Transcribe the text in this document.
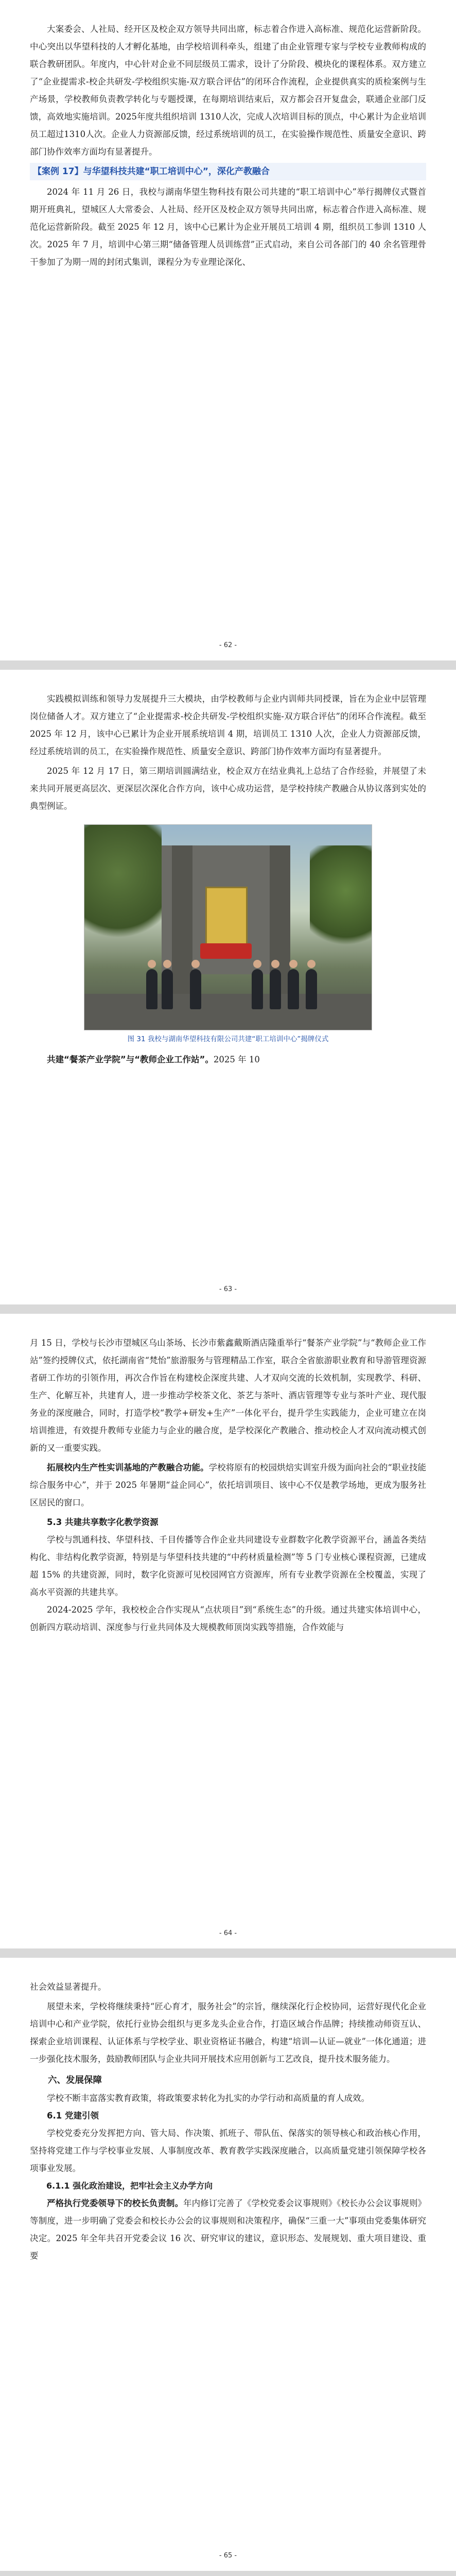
大案委会、人社局、经开区及校企双方领导共同出席，标志着合作进入高标准、规范化运营新阶段。中心突出以华望科技的人才孵化基地，由学校培训科牵头，组建了由企业管理专家与学校专业教师构成的联合教研团队。年度内，中心针对企业不同层级员工需求，设计了分阶段、模块化的课程体系。双方建立了“企业提需求-校企共研发-学校组织实施-双方联合评估”的闭环合作流程，企业提供真实的质检案例与生产场景，学校教师负责教学转化与专题授课，在每期培训结束后，双方都会召开复盘会，联通企业部门反馈，高效地实施培训。2025年度共组织培训 1310人次，完成人次培训目标的顶点，中心累计为企业培训员工超过1310人次。企业人力资源部反馈，经过系统培训的员工，在实验操作规范性、质量安全意识、跨部门协作效率方面均有显著提升。

【案例 17】与华望科技共建“职工培训中心”，深化产教融合

2024 年 11 月 26 日，我校与湖南华望生物科技有限公司共建的“职工培训中心”举行揭牌仪式暨首期开班典礼，望城区人大常委会、人社局、经开区及校企双方领导共同出席，标志着合作进入高标准、规范化运营新阶段。截至 2025 年 12 月，该中心已累计为企业开展员工培训 4 期，组织员工参训 1310 人次。2025 年 7 月，培训中心第三期“储备管理人员训练营”正式启动，来自公司各部门的 40 余名管理骨干参加了为期一周的封闭式集训，课程分为专业理论深化、

- 62 -

实践模拟训练和领导力发展提升三大模块，由学校教师与企业内训师共同授课，旨在为企业中层管理岗位储备人才。双方建立了“企业提需求-校企共研发-学校组织实施-双方联合评估”的闭环合作流程。截至 2025 年 12 月，该中心已累计为企业开展系统培训 4 期，培训员工 1310 人次，企业人力资源部反馈，经过系统培训的员工，在实验操作规范性、质量安全意识、跨部门协作效率方面均有显著提升。

2025 年 12 月 17 日，第三期培训圆满结业，校企双方在结业典礼上总结了合作经验，并展望了未来共同开展更高层次、更深层次深化合作方向，该中心成功运营，是学校持续产教融合从协议落到实处的典型例证。

图 31 我校与湖南华望科技有限公司共建“职工培训中心”揭牌仪式

共建“餐茶产业学院”与“教师企业工作站”。2025 年 10

- 63 -

月 15 日，学校与长沙市望城区乌山茶场、长沙市紫鑫戴斯酒店隆重举行“餐茶产业学院”与“教师企业工作站”签约授牌仪式，依托湖南省“梵怡”旅游服务与管理精品工作室，联合全省旅游职业教育和导游管理资源者研工作坊的引领作用，再次合作旨在构建校企深度共建、人才双向交流的长效机制，实现教学、科研、生产、化解互补，共建育人，进一步推动学校茶文化、茶艺与茶叶、酒店管理等专业与茶叶产业、现代服务业的深度融合，同时，打造学校“教学+研发+生产”一体化平台，提升学生实践能力，企业可建立在岗培训推进，有效提升教师专业能力与企业的融合度，是学校深化产教融合、推动校企人才双向流动模式创新的又一重要实践。

拓展校内生产性实训基地的产教融合功能。学校将原有的校园烘焙实训室升级为面向社会的“职业技能综合服务中心”，并于 2025 年暑期“益企同心”，依托培训项目、该中心不仅是教学场地，更成为服务社区居民的窗口。

5.3 共建共享数字化教学资源

学校与凯通科技、华望科技、千目传播等合作企业共同建设专业群数字化教学资源平台，涵盖各类结构化、非结构化教学资源，特别是与华望科技共建的“中药材质量检测”等 5 门专业核心课程资源，已建成超 15% 的共建资源，同时，数字化资源可见校园网官方资源库，所有专业教学资源在全校覆盖，实现了高水平资源的共建共享。

2024-2025 学年，我校校企合作实现从“点状项目”到“系统生态”的升级。通过共建实体培训中心，创新四方联动培训、深度参与行业共同体及大规模教师顶岗实践等措施，合作效能与

- 64 -

社会效益显著提升。

展望未来，学校将继续秉持“匠心育才，服务社会”的宗旨，继续深化行企校协同，运营好现代化企业培训中心和产业学院，依托行业协会组织与更多龙头企业合作，打造区域合作品牌；持续推动师资互认、探索企业培训课程、认证体系与学校学业、职业资格证书融合，构建“培训—认证—就业”一体化通道；进一步强化技术服务，鼓励教师团队与企业共同开展技术应用创新与工艺改良，提升技术服务能力。

六、发展保障

学校不断丰富落实教育政策，将政策要求转化为扎实的办学行动和高质量的育人成效。

6.1 党建引领

学校党委充分发挥把方向、管大局、作决策、抓班子、带队伍、保落实的领导核心和政治核心作用，坚持将党建工作与学校事业发展、人事制度改革、教育教学实践深度融合，以高质量党建引领保障学校各项事业发展。

6.1.1 强化政治建设，把牢社会主义办学方向

严格执行党委领导下的校长负责制。年内修订完善了《学校党委会议事规则》《校长办公会议事规则》等制度，进一步明确了党委会和校长办公会的议事规则和决策程序，确保“三重一大”事项由党委集体研究决定。2025 年全年共召开党委会议 16 次、研究审议的建议，意识形态、发展规划、重大项目建设、重要

- 65 -
